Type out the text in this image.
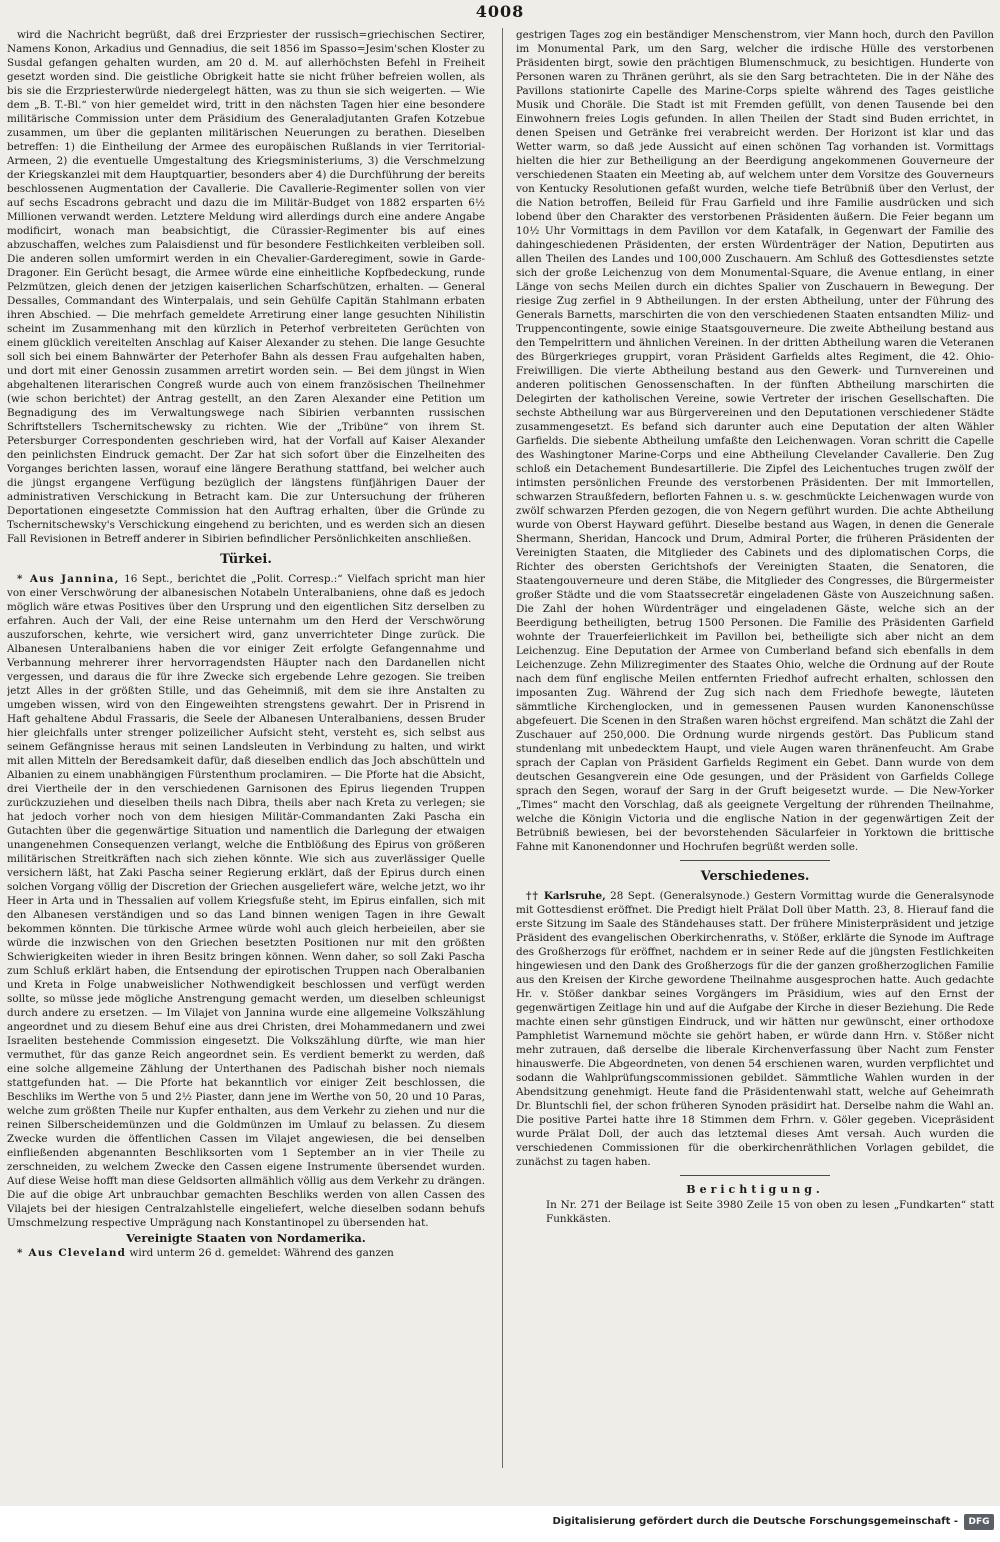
4008

wird die Nachricht begrüßt, daß drei Erzpriester der russisch=griechischen Sectirer, Namens Konon, Arkadius und Gennadius, die seit 1856 im Spasso=Jesim'schen Kloster zu Susdal gefangen gehalten wurden, am 20 d. M. auf allerhöchsten Befehl in Freiheit gesetzt worden sind. Die geistliche Obrigkeit hatte sie nicht früher befreien wollen, als bis sie die Erzpriesterwürde niedergelegt hätten, was zu thun sie sich weigerten. — Wie dem „B. T.-Bl.“ von hier gemeldet wird, tritt in den nächsten Tagen hier eine besondere militärische Commission unter dem Präsidium des Generaladjutanten Grafen Kotzebue zusammen, um über die geplanten militärischen Neuerungen zu berathen. Dieselben betreffen: 1) die Eintheilung der Armee des europäischen Rußlands in vier Territorial-Armeen, 2) die eventuelle Umgestaltung des Kriegsministeriums, 3) die Verschmelzung der Kriegskanzlei mit dem Hauptquartier, besonders aber 4) die Durchführung der bereits beschlossenen Augmentation der Cavallerie. Die Cavallerie-Regimenter sollen von vier auf sechs Escadrons gebracht und dazu die im Militär-Budget von 1882 ersparten 6½ Millionen verwandt werden. Letztere Meldung wird allerdings durch eine andere Angabe modificirt, wonach man beabsichtigt, die Cürassier-Regimenter bis auf eines abzuschaffen, welches zum Palaisdienst und für besondere Festlichkeiten verbleiben soll. Die anderen sollen umformirt werden in ein Chevalier-Garderegiment, sowie in Garde-Dragoner. Ein Gerücht besagt, die Armee würde eine einheitliche Kopfbedeckung, runde Pelzmützen, gleich denen der jetzigen kaiserlichen Scharfschützen, erhalten. — General Dessalles, Commandant des Winterpalais, und sein Gehülfe Capitän Stahlmann erbaten ihren Abschied. — Die mehrfach gemeldete Arretirung einer lange gesuchten Nihilistin scheint im Zusammenhang mit den kürzlich in Peterhof verbreiteten Gerüchten von einem glücklich vereitelten Anschlag auf Kaiser Alexander zu stehen. Die lange Gesuchte soll sich bei einem Bahnwärter der Peterhofer Bahn als dessen Frau aufgehalten haben, und dort mit einer Genossin zusammen arretirt worden sein. — Bei dem jüngst in Wien abgehaltenen literarischen Congreß wurde auch von einem französischen Theilnehmer (wie schon berichtet) der Antrag gestellt, an den Zaren Alexander eine Petition um Begnadigung des im Verwaltungswege nach Sibirien verbannten russischen Schriftstellers Tschernitschewsky zu richten. Wie der „Tribüne“ von ihrem St. Petersburger Correspondenten geschrieben wird, hat der Vorfall auf Kaiser Alexander den peinlichsten Eindruck gemacht. Der Zar hat sich sofort über die Einzelheiten des Vorganges berichten lassen, worauf eine längere Berathung stattfand, bei welcher auch die jüngst ergangene Verfügung bezüglich der längstens fünfjährigen Dauer der administrativen Verschickung in Betracht kam. Die zur Untersuchung der früheren Deportationen eingesetzte Commission hat den Auftrag erhalten, über die Gründe zu Tschernitschewsky's Verschickung eingehend zu berichten, und es werden sich an diesen Fall Revisionen in Betreff anderer in Sibirien befindlicher Persönlichkeiten anschließen.

Türkei.

* Aus Jannina, 16 Sept., berichtet die „Polit. Corresp.:“ Vielfach spricht man hier von einer Verschwörung der albanesischen Notabeln Unteralbaniens, ohne daß es jedoch möglich wäre etwas Positives über den Ursprung und den eigentlichen Sitz derselben zu erfahren. Auch der Vali, der eine Reise unternahm um den Herd der Verschwörung auszuforschen, kehrte, wie versichert wird, ganz unverrichteter Dinge zurück. Die Albanesen Unteralbaniens haben die vor einiger Zeit erfolgte Gefangennahme und Verbannung mehrerer ihrer hervorragendsten Häupter nach den Dardanellen nicht vergessen, und daraus die für ihre Zwecke sich ergebende Lehre gezogen. Sie treiben jetzt Alles in der größten Stille, und das Geheimniß, mit dem sie ihre Anstalten zu umgeben wissen, wird von den Eingeweihten strengstens gewahrt. Der in Prisrend in Haft gehaltene Abdul Frassaris, die Seele der Albanesen Unteralbaniens, dessen Bruder hier gleichfalls unter strenger polizeilicher Aufsicht steht, versteht es, sich selbst aus seinem Gefängnisse heraus mit seinen Landsleuten in Verbindung zu halten, und wirkt mit allen Mitteln der Beredsamkeit dafür, daß dieselben endlich das Joch abschütteln und Albanien zu einem unabhängigen Fürstenthum proclamiren. — Die Pforte hat die Absicht, drei Viertheile der in den verschiedenen Garnisonen des Epirus liegenden Truppen zurückzuziehen und dieselben theils nach Dibra, theils aber nach Kreta zu verlegen; sie hat jedoch vorher noch von dem hiesigen Militär-Commandanten Zaki Pascha ein Gutachten über die gegenwärtige Situation und namentlich die Darlegung der etwaigen unangenehmen Consequenzen verlangt, welche die Entblößung des Epirus von größeren militärischen Streitkräften nach sich ziehen könnte. Wie sich aus zuverlässiger Quelle versichern läßt, hat Zaki Pascha seiner Regierung erklärt, daß der Epirus durch einen solchen Vorgang völlig der Discretion der Griechen ausgeliefert wäre, welche jetzt, wo ihr Heer in Arta und in Thessalien auf vollem Kriegsfuße steht, im Epirus einfallen, sich mit den Albanesen verständigen und so das Land binnen wenigen Tagen in ihre Gewalt bekommen könnten. Die türkische Armee würde wohl auch gleich herbeieilen, aber sie würde die inzwischen von den Griechen besetzten Positionen nur mit den größten Schwierigkeiten wieder in ihren Besitz bringen können. Wenn daher, so soll Zaki Pascha zum Schluß erklärt haben, die Entsendung der epirotischen Truppen nach Oberalbanien und Kreta in Folge unabweislicher Nothwendigkeit beschlossen und verfügt werden sollte, so müsse jede mögliche Anstrengung gemacht werden, um dieselben schleunigst durch andere zu ersetzen. — Im Vilajet von Jannina wurde eine allgemeine Volkszählung angeordnet und zu diesem Behuf eine aus drei Christen, drei Mohammedanern und zwei Israeliten bestehende Commission eingesetzt. Die Volkszählung dürfte, wie man hier vermuthet, für das ganze Reich angeordnet sein. Es verdient bemerkt zu werden, daß eine solche allgemeine Zählung der Unterthanen des Padischah bisher noch niemals stattgefunden hat. — Die Pforte hat bekanntlich vor einiger Zeit beschlossen, die Beschliks im Werthe von 5 und 2½ Piaster, dann jene im Werthe von 50, 20 und 10 Paras, welche zum größten Theile nur Kupfer enthalten, aus dem Verkehr zu ziehen und nur die reinen Silberscheidemünzen und die Goldmünzen im Umlauf zu belassen. Zu diesem Zwecke wurden die öffentlichen Cassen im Vilajet angewiesen, die bei denselben einfließenden abgenannten Beschliksorten vom 1 September an in vier Theile zu zerschneiden, zu welchem Zwecke den Cassen eigene Instrumente übersendet wurden. Auf diese Weise hofft man diese Geldsorten allmählich völlig aus dem Verkehr zu drängen. Die auf die obige Art unbrauchbar gemachten Beschliks werden von allen Cassen des Vilajets bei der hiesigen Centralzahlstelle eingeliefert, welche dieselben sodann behufs Umschmelzung respective Umprägung nach Konstantinopel zu übersenden hat.

Vereinigte Staaten von Nordamerika.

* Aus Cleveland wird unterm 26 d. gemeldet: Während des ganzen

gestrigen Tages zog ein beständiger Menschenstrom, vier Mann hoch, durch den Pavillon im Monumental Park, um den Sarg, welcher die irdische Hülle des verstorbenen Präsidenten birgt, sowie den prächtigen Blumenschmuck, zu besichtigen. Hunderte von Personen waren zu Thränen gerührt, als sie den Sarg betrachteten. Die in der Nähe des Pavillons stationirte Capelle des Marine-Corps spielte während des Tages geistliche Musik und Choräle. Die Stadt ist mit Fremden gefüllt, von denen Tausende bei den Einwohnern freies Logis gefunden. In allen Theilen der Stadt sind Buden errichtet, in denen Speisen und Getränke frei verabreicht werden. Der Horizont ist klar und das Wetter warm, so daß jede Aussicht auf einen schönen Tag vorhanden ist. Vormittags hielten die hier zur Betheiligung an der Beerdigung angekommenen Gouverneure der verschiedenen Staaten ein Meeting ab, auf welchem unter dem Vorsitze des Gouverneurs von Kentucky Resolutionen gefaßt wurden, welche tiefe Betrübniß über den Verlust, der die Nation betroffen, Beileid für Frau Garfield und ihre Familie ausdrücken und sich lobend über den Charakter des verstorbenen Präsidenten äußern. Die Feier begann um 10½ Uhr Vormittags in dem Pavillon vor dem Katafalk, in Gegenwart der Familie des dahingeschiedenen Präsidenten, der ersten Würdenträger der Nation, Deputirten aus allen Theilen des Landes und 100,000 Zuschauern. Am Schluß des Gottesdienstes setzte sich der große Leichenzug von dem Monumental-Square, die Avenue entlang, in einer Länge von sechs Meilen durch ein dichtes Spalier von Zuschauern in Bewegung. Der riesige Zug zerfiel in 9 Abtheilungen. In der ersten Abtheilung, unter der Führung des Generals Barnetts, marschirten die von den verschiedenen Staaten entsandten Miliz- und Truppencontingente, sowie einige Staatsgouverneure. Die zweite Abtheilung bestand aus den Tempelrittern und ähnlichen Vereinen. In der dritten Abtheilung waren die Veteranen des Bürgerkrieges gruppirt, voran Präsident Garfields altes Regiment, die 42. Ohio-Freiwilligen. Die vierte Abtheilung bestand aus den Gewerk- und Turnvereinen und anderen politischen Genossenschaften. In der fünften Abtheilung marschirten die Delegirten der katholischen Vereine, sowie Vertreter der irischen Gesellschaften. Die sechste Abtheilung war aus Bürgervereinen und den Deputationen verschiedener Städte zusammengesetzt. Es befand sich darunter auch eine Deputation der alten Wähler Garfields. Die siebente Abtheilung umfaßte den Leichenwagen. Voran schritt die Capelle des Washingtoner Marine-Corps und eine Abtheilung Clevelander Cavallerie. Den Zug schloß ein Detachement Bundesartillerie. Die Zipfel des Leichentuches trugen zwölf der intimsten persönlichen Freunde des verstorbenen Präsidenten. Der mit Immortellen, schwarzen Straußfedern, beflorten Fahnen u. s. w. geschmückte Leichenwagen wurde von zwölf schwarzen Pferden gezogen, die von Negern geführt wurden. Die achte Abtheilung wurde von Oberst Hayward geführt. Dieselbe bestand aus Wagen, in denen die Generale Shermann, Sheridan, Hancock und Drum, Admiral Porter, die früheren Präsidenten der Vereinigten Staaten, die Mitglieder des Cabinets und des diplomatischen Corps, die Richter des obersten Gerichtshofs der Vereinigten Staaten, die Senatoren, die Staatengouverneure und deren Stäbe, die Mitglieder des Congresses, die Bürgermeister großer Städte und die vom Staatssecretär eingeladenen Gäste von Auszeichnung saßen. Die Zahl der hohen Würdenträger und eingeladenen Gäste, welche sich an der Beerdigung betheiligten, betrug 1500 Personen. Die Familie des Präsidenten Garfield wohnte der Trauerfeierlichkeit im Pavillon bei, betheiligte sich aber nicht an dem Leichenzug. Eine Deputation der Armee von Cumberland befand sich ebenfalls in dem Leichenzuge. Zehn Milizregimenter des Staates Ohio, welche die Ordnung auf der Route nach dem fünf englische Meilen entfernten Friedhof aufrecht erhalten, schlossen den imposanten Zug. Während der Zug sich nach dem Friedhofe bewegte, läuteten sämmtliche Kirchenglocken, und in gemessenen Pausen wurden Kanonenschüsse abgefeuert. Die Scenen in den Straßen waren höchst ergreifend. Man schätzt die Zahl der Zuschauer auf 250,000. Die Ordnung wurde nirgends gestört. Das Publicum stand stundenlang mit unbedecktem Haupt, und viele Augen waren thränenfeucht. Am Grabe sprach der Caplan von Präsident Garfields Regiment ein Gebet. Dann wurde von dem deutschen Gesangverein eine Ode gesungen, und der Präsident von Garfields College sprach den Segen, worauf der Sarg in der Gruft beigesetzt wurde. — Die New-Yorker „Times“ macht den Vorschlag, daß als geeignete Vergeltung der rührenden Theilnahme, welche die Königin Victoria und die englische Nation in der gegenwärtigen Zeit der Betrübniß bewiesen, bei der bevorstehenden Säcularfeier in Yorktown die brittische Fahne mit Kanonendonner und Hochrufen begrüßt werden solle.

Verschiedenes.

†† Karlsruhe, 28 Sept. (Generalsynode.) Gestern Vormittag wurde die Generalsynode mit Gottesdienst eröffnet. Die Predigt hielt Prälat Doll über Matth. 23, 8. Hierauf fand die erste Sitzung im Saale des Ständehauses statt. Der frühere Ministerpräsident und jetzige Präsident des evangelischen Oberkirchenraths, v. Stößer, erklärte die Synode im Auftrage des Großherzogs für eröffnet, nachdem er in seiner Rede auf die jüngsten Festlichkeiten hingewiesen und den Dank des Großherzogs für die der ganzen großherzoglichen Familie aus den Kreisen der Kirche gewordene Theilnahme ausgesprochen hatte. Auch gedachte Hr. v. Stößer dankbar seines Vorgängers im Präsidium, wies auf den Ernst der gegenwärtigen Zeitlage hin und auf die Aufgabe der Kirche in dieser Beziehung. Die Rede machte einen sehr günstigen Eindruck, und wir hätten nur gewünscht, einer orthodoxe Pamphletist Warnemund möchte sie gehört haben, er würde dann Hrn. v. Stößer nicht mehr zutrauen, daß derselbe die liberale Kirchenverfassung über Nacht zum Fenster hinauswerfe. Die Abgeordneten, von denen 54 erschienen waren, wurden verpflichtet und sodann die Wahlprüfungscommissionen gebildet. Sämmtliche Wahlen wurden in der Abendsitzung genehmigt. Heute fand die Präsidentenwahl statt, welche auf Geheimrath Dr. Bluntschli fiel, der schon früheren Synoden präsidirt hat. Derselbe nahm die Wahl an. Die positive Partei hatte ihre 18 Stimmen dem Frhrn. v. Göler gegeben. Vicepräsident wurde Prälat Doll, der auch das letztemal dieses Amt versah. Auch wurden die verschiedenen Commissionen für die oberkirchenräthlichen Vorlagen gebildet, die zunächst zu tagen haben.

Berichtigung.

In Nr. 271 der Beilage ist Seite 3980 Zeile 15 von oben zu lesen „Fundkarten“ statt Funkkästen.

Digitalisierung gefördert durch die Deutsche Forschungsgemeinschaft -	DFG
